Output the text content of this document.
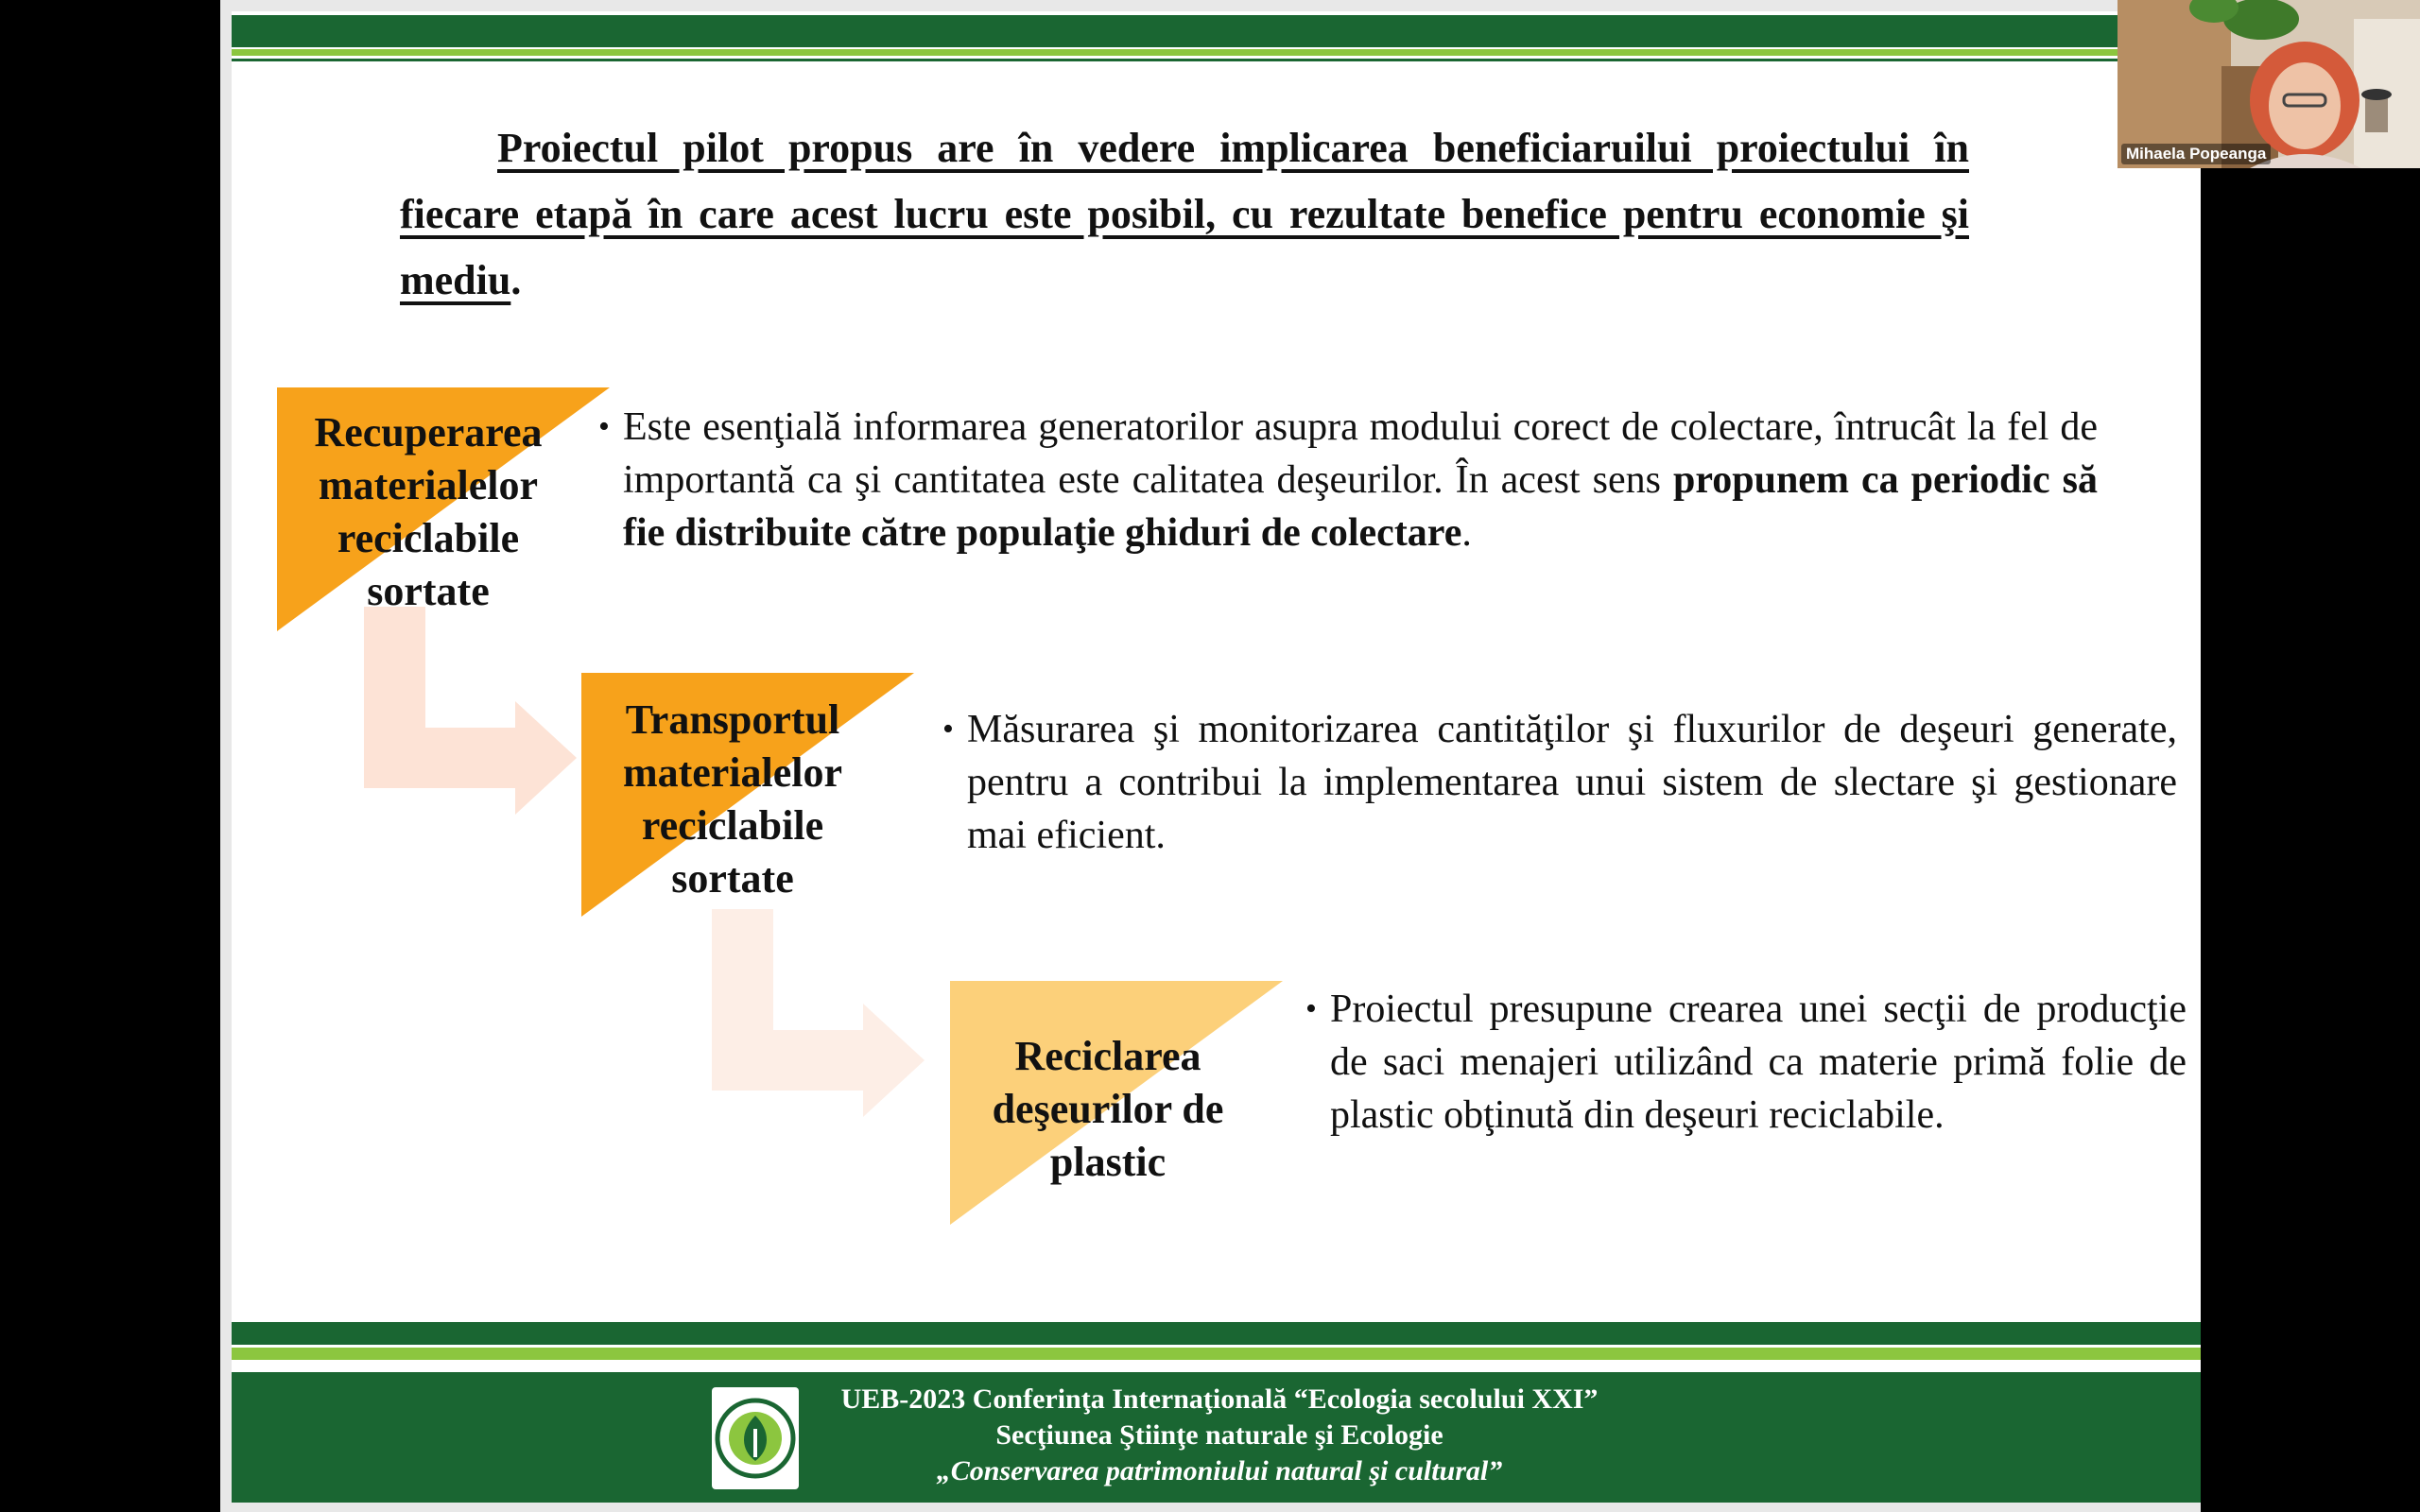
Proiectul pilot propus are în vedere implicarea beneficiaruilui proiectului în fiecare etapă în care acest lucru este posibil, cu rezultate benefice pentru economie şi mediu.
Recuperarea
materialelor
reciclabile
sortate
• Este esenţială informarea generatorilor asupra modului corect de colectare, întrucât la fel de importantă ca şi cantitatea este calitatea deşeurilor. În acest sens propunem ca periodic să fie distribuite către populaţie ghiduri de colectare.
Transportul
materialelor
reciclabile
sortate
• Măsurarea şi monitorizarea cantităţilor şi fluxurilor de deşeuri generate, pentru a contribui la implementarea unui sistem de slectare şi gestionare mai eficient.
Reciclarea
deşeurilor de
plastic
• Proiectul presupune crearea unei secţii de producţie de saci menajeri utilizând ca materie primă folie de plastic obţinută din deşeuri reciclabile.
UEB-2023 Conferinţa Internaţională “Ecologia secolului XXI”
Secţiunea Ştiinţe naturale şi Ecologie
„Conservarea patrimoniului natural şi cultural”
Mihaela Popeanga
